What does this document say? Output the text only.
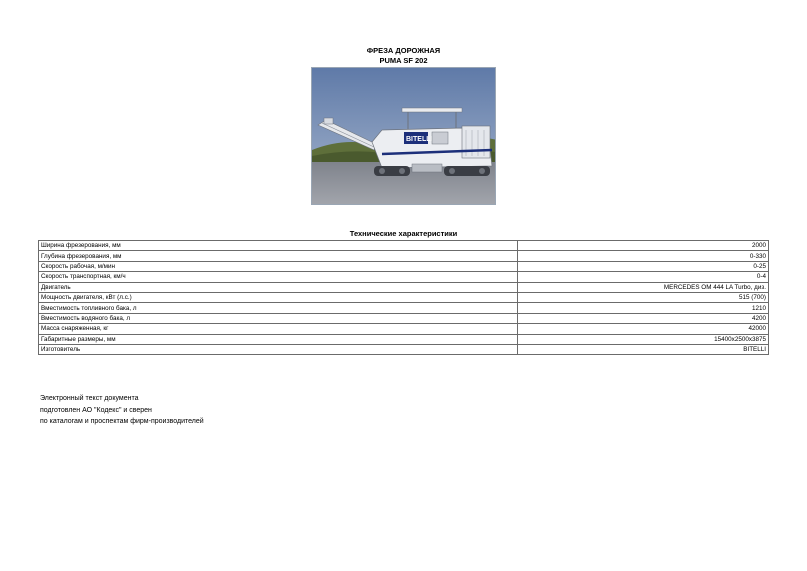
ФРЕЗА ДОРОЖНАЯ
PUMA SF 202
BITELLI
Технические характеристики
Ширина фрезерования, мм	2000
Глубина фрезерования, мм	0-330
Скорость рабочая, м/мин	0-25
Скорость транспортная, км/ч	0-4
Двигатель	MERCEDES OM 444 LA Turbo, диз.
Мощность двигателя, кВт (л.с.)	515 (700)
Вместимость топливного бака, л	1210
Вместимость водяного бака, л	4200
Масса снаряженная, кг	42000
Габаритные размеры, мм	15400х2500х3875
Изготовитель	BITELLI
Электронный текст документа
подготовлен АО "Кодекс" и сверен
по каталогам и проспектам фирм-производителей
